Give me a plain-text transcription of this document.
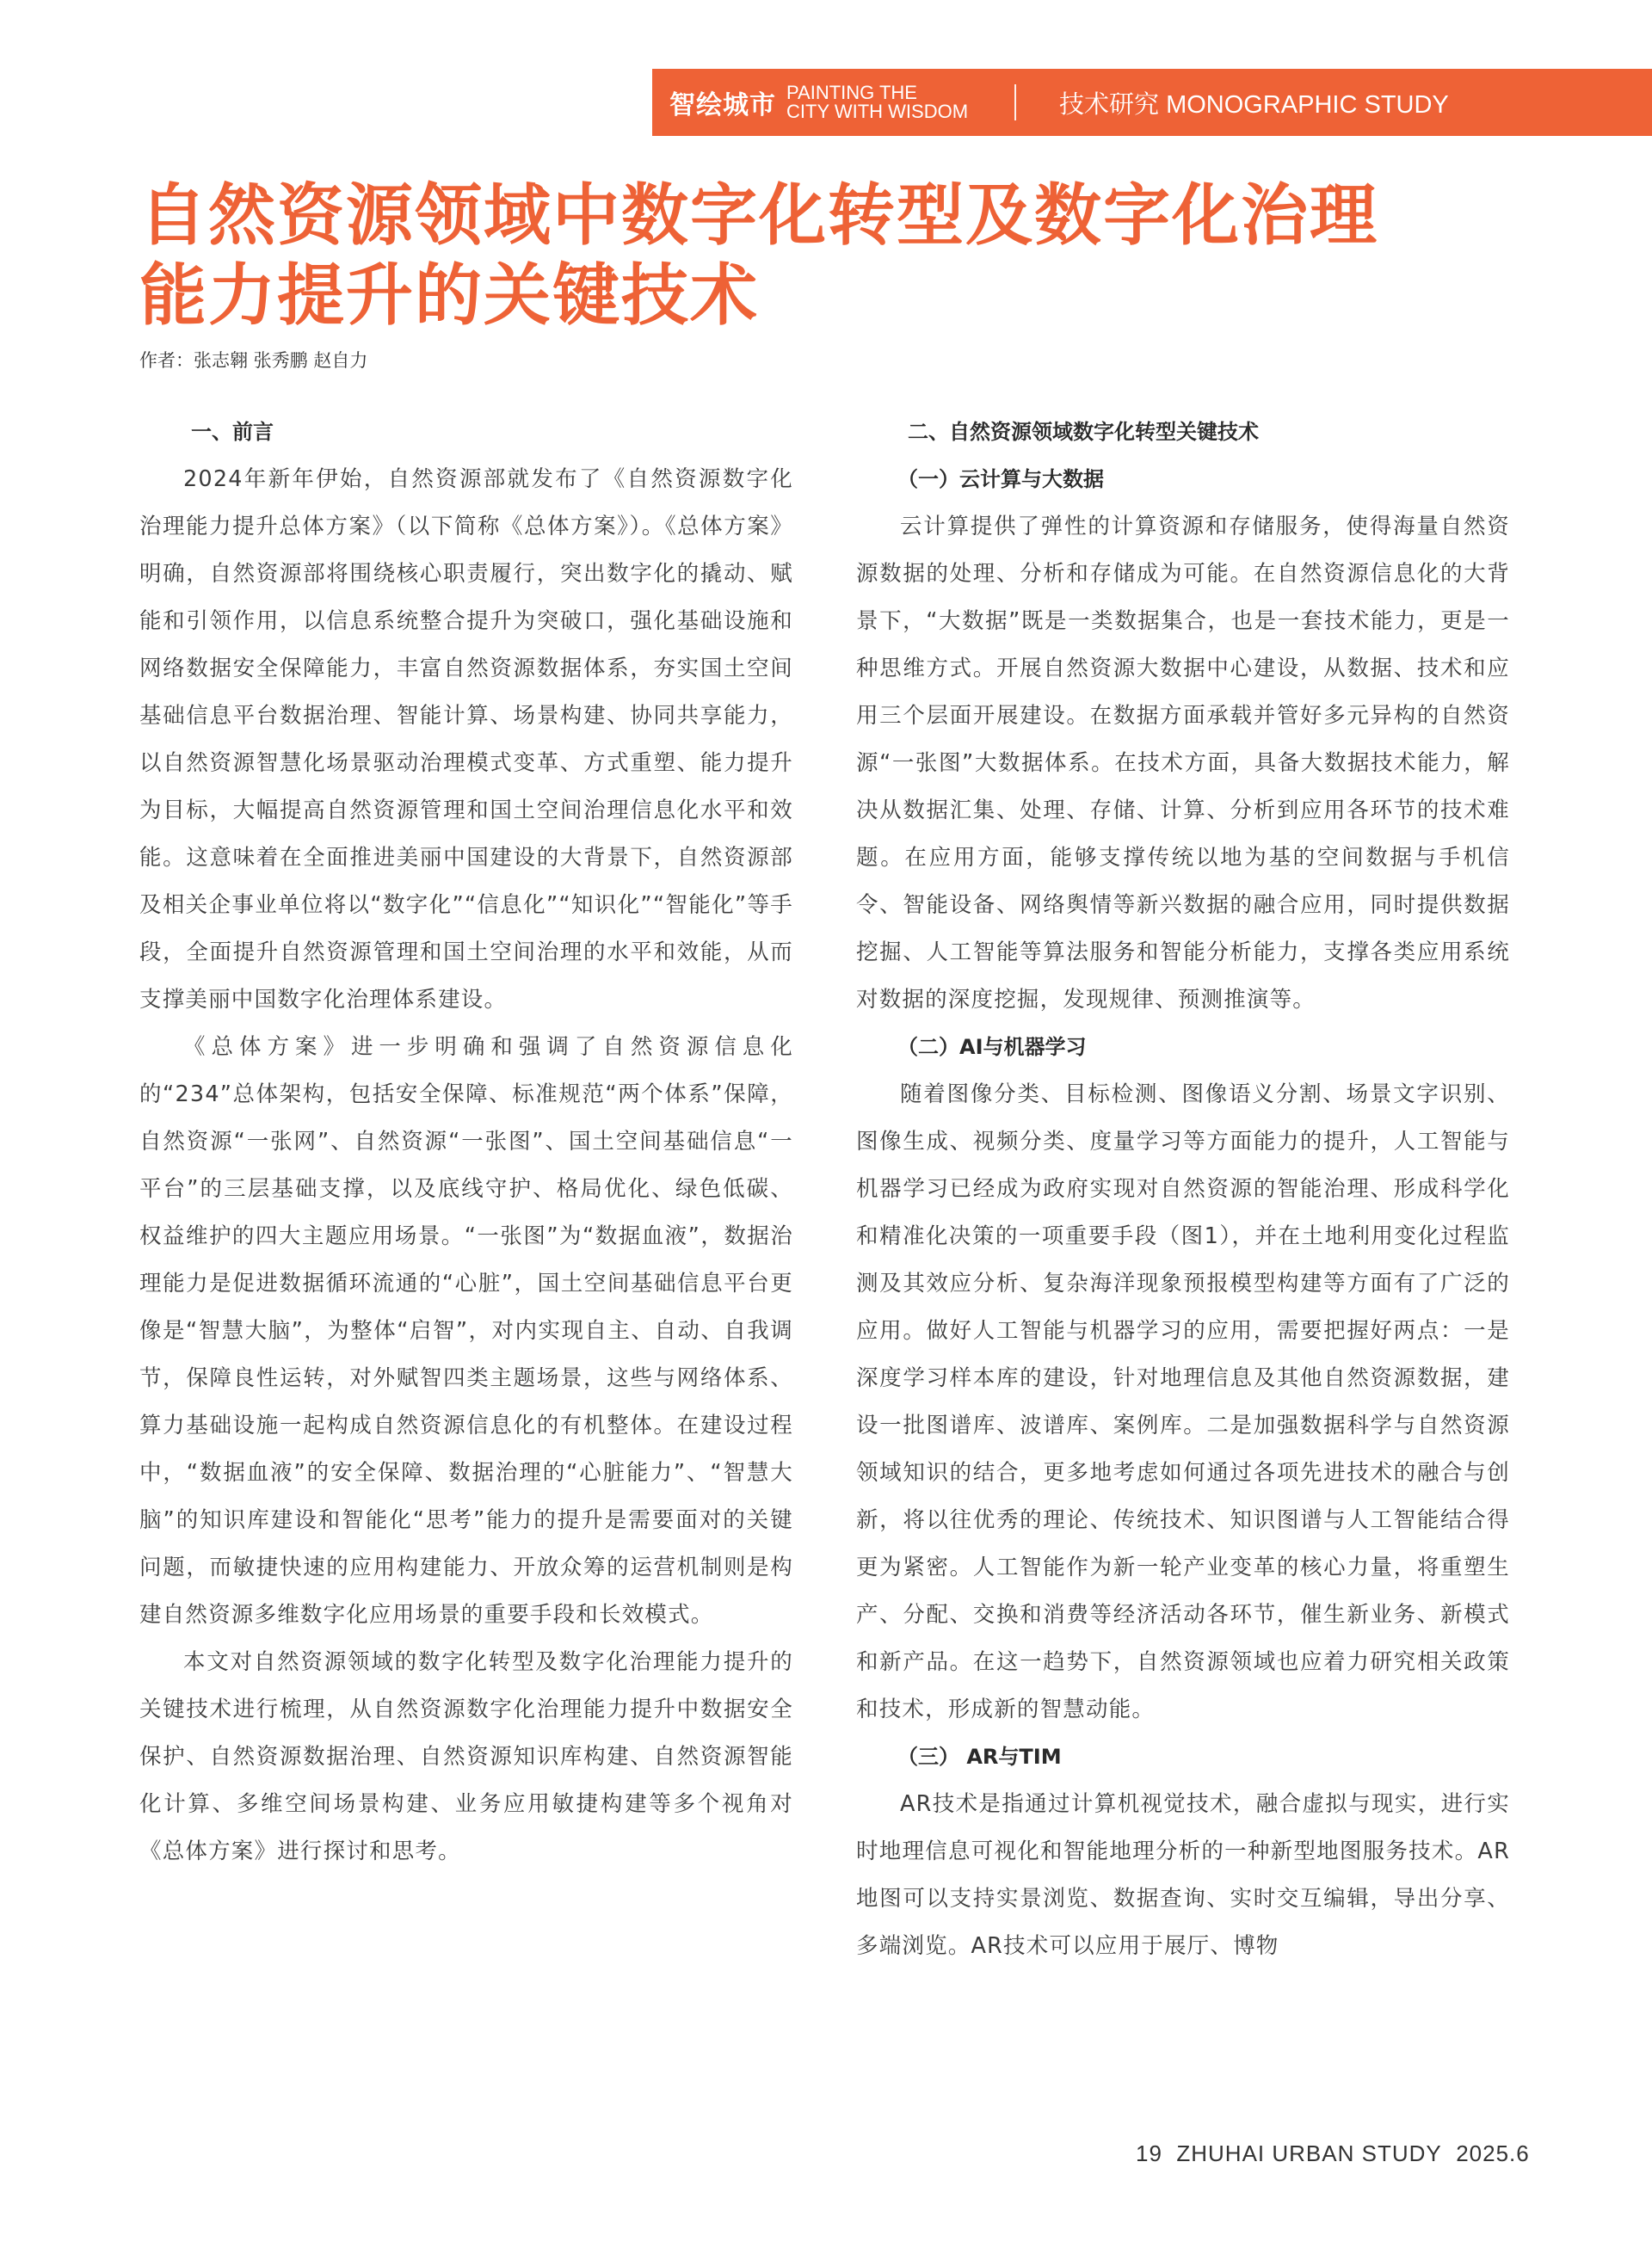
智绘城市 PAINTING THE
CITY WITH WISDOM	技术研究 MONOGRAPHIC STUDY
自然资源领域中数字化转型及数字化治理
能力提升的关键技术
作者：张志翱 张秀鹏 赵自力
一、前言

2024年新年伊始，自然资源部就发布了《自然资源数字化治理能力提升总体方案》（以下简称《总体方案》）。《总体方案》明确，自然资源部将围绕核心职责履行，突出数字化的撬动、赋能和引领作用，以信息系统整合提升为突破口，强化基础设施和网络数据安全保障能力，丰富自然资源数据体系，夯实国土空间基础信息平台数据治理、智能计算、场景构建、协同共享能力，以自然资源智慧化场景驱动治理模式变革、方式重塑、能力提升为目标，大幅提高自然资源管理和国土空间治理信息化水平和效能。这意味着在全面推进美丽中国建设的大背景下，自然资源部及相关企事业单位将以“数字化”“信息化”“知识化”“智能化”等手段，全面提升自然资源管理和国土空间治理的水平和效能，从而支撑美丽中国数字化治理体系建设。

《总体方案》进一步明确和强调了自然资源信息化的“234”总体架构，包括安全保障、标准规范“两个体系”保障，自然资源“一张网”、自然资源“一张图”、国土空间基础信息“一平台”的三层基础支撑，以及底线守护、格局优化、绿色低碳、权益维护的四大主题应用场景。“一张图”为“数据血液”，数据治理能力是促进数据循环流通的“心脏”，国土空间基础信息平台更像是“智慧大脑”，为整体“启智”，对内实现自主、自动、自我调节，保障良性运转，对外赋智四类主题场景，这些与网络体系、算力基础设施一起构成自然资源信息化的有机整体。在建设过程中，“数据血液”的安全保障、数据治理的“心脏能力”、“智慧大脑”的知识库建设和智能化“思考”能力的提升是需要面对的关键问题，而敏捷快速的应用构建能力、开放众筹的运营机制则是构建自然资源多维数字化应用场景的重要手段和长效模式。

本文对自然资源领域的数字化转型及数字化治理能力提升的关键技术进行梳理，从自然资源数字化治理能力提升中数据安全保护、自然资源数据治理、自然资源知识库构建、自然资源智能化计算、多维空间场景构建、业务应用敏捷构建等多个视角对《总体方案》进行探讨和思考。

二、自然资源领域数字化转型关键技术
（一）云计算与大数据

云计算提供了弹性的计算资源和存储服务，使得海量自然资源数据的处理、分析和存储成为可能。在自然资源信息化的大背景下，“大数据”既是一类数据集合，也是一套技术能力，更是一种思维方式。开展自然资源大数据中心建设，从数据、技术和应用三个层面开展建设。在数据方面承载并管好多元异构的自然资源“一张图”大数据体系。在技术方面，具备大数据技术能力，解决从数据汇集、处理、存储、计算、分析到应用各环节的技术难题。在应用方面，能够支撑传统以地为基的空间数据与手机信令、智能设备、网络舆情等新兴数据的融合应用，同时提供数据挖掘、人工智能等算法服务和智能分析能力，支撑各类应用系统对数据的深度挖掘，发现规律、预测推演等。

（二）AI与机器学习

随着图像分类、目标检测、图像语义分割、场景文字识别、图像生成、视频分类、度量学习等方面能力的提升，人工智能与机器学习已经成为政府实现对自然资源的智能治理、形成科学化和精准化决策的一项重要手段（图1），并在土地利用变化过程监测及其效应分析、复杂海洋现象预报模型构建等方面有了广泛的应用。做好人工智能与机器学习的应用，需要把握好两点：一是深度学习样本库的建设，针对地理信息及其他自然资源数据，建设一批图谱库、波谱库、案例库。二是加强数据科学与自然资源领域知识的结合，更多地考虑如何通过各项先进技术的融合与创新，将以往优秀的理论、传统技术、知识图谱与人工智能结合得更为紧密。人工智能作为新一轮产业变革的核心力量，将重塑生产、分配、交换和消费等经济活动各环节，催生新业务、新模式和新产品。在这一趋势下，自然资源领域也应着力研究相关政策和技术，形成新的智慧动能。

（三） AR与TIM

AR技术是指通过计算机视觉技术，融合虚拟与现实，进行实时地理信息可视化和智能地理分析的一种新型地图服务技术。AR地图可以支持实景浏览、数据查询、实时交互编辑，导出分享、多端浏览。AR技术可以应用于展厅、博物

19 ZHUHAI URBAN STUDY 2025.6
